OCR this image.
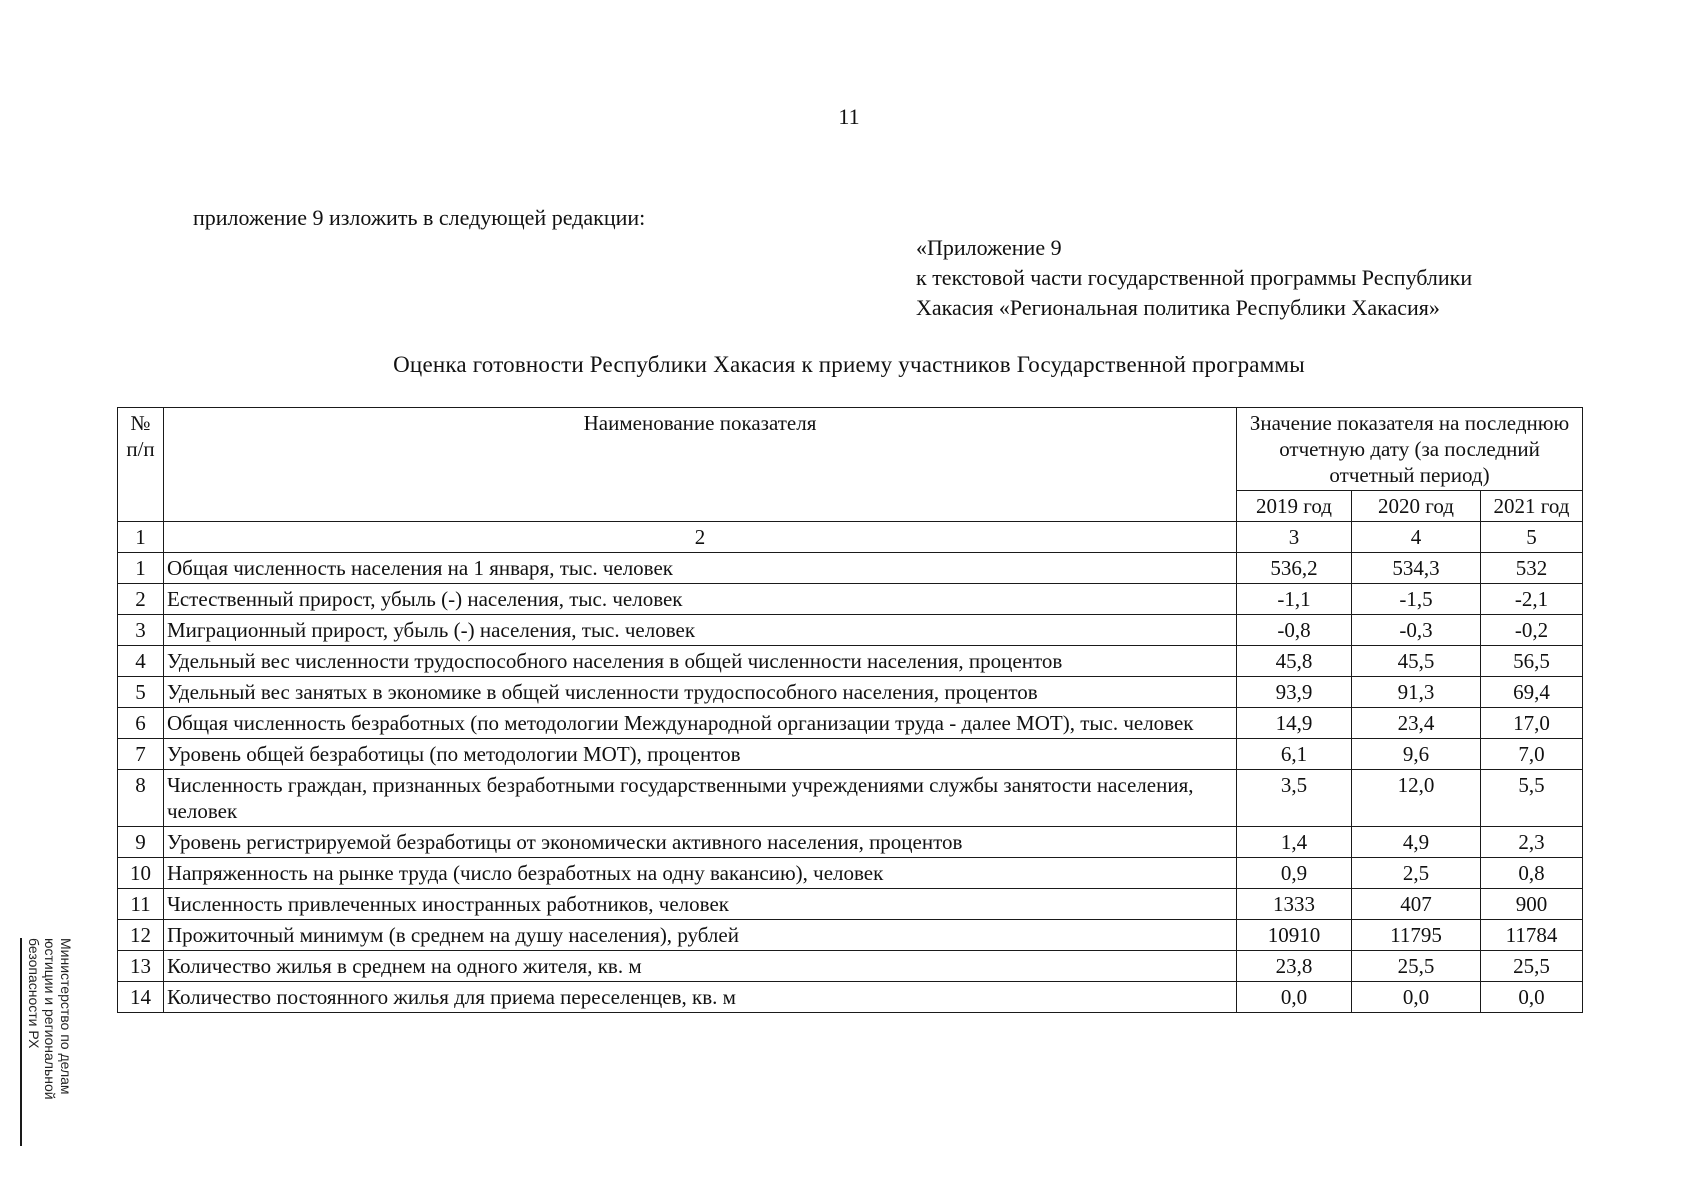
11
приложение 9 изложить в следующей редакции:
«Приложение 9
к текстовой части государственной программы Республики
Хакасия «Региональная политика Республики Хакасия»
Оценка готовности Республики Хакасия к приему участников Государственной программы
№ п/п	Наименование показателя	Значение показателя на последнюю отчетную дату (за последний отчетный период)		
		2019 год	2020 год	2021 год
1	2	3	4	5
1	Общая численность населения на 1 января, тыс. человек	536,2	534,3	532
2	Естественный прирост, убыль (-) населения, тыс. человек	-1,1	-1,5	-2,1
3	Миграционный прирост, убыль (-) населения, тыс. человек	-0,8	-0,3	-0,2
4	Удельный вес численности трудоспособного населения в общей численности населения, процентов	45,8	45,5	56,5
5	Удельный вес занятых в экономике в общей численности трудоспособного населения, процентов	93,9	91,3	69,4
6	Общая численность безработных (по методологии Международной организации труда - далее МОТ), тыс. человек	14,9	23,4	17,0
7	Уровень общей безработицы (по методологии МОТ), процентов	6,1	9,6	7,0
8	Численность граждан, признанных безработными государственными учреждениями службы занятости населения, человек	3,5	12,0	5,5
9	Уровень регистрируемой безработицы от экономически активного населения, процентов	1,4	4,9	2,3
10	Напряженность на рынке труда (число безработных на одну вакансию), человек	0,9	2,5	0,8
11	Численность привлеченных иностранных работников, человек	1333	407	900
12	Прожиточный минимум (в среднем на душу населения), рублей	10910	11795	11784
13	Количество жилья в среднем на одного жителя, кв. м	23,8	25,5	25,5
14	Количество постоянного жилья для приема переселенцев, кв. м	0,0	0,0	0,0
Министерство по делам
юстиции и региональной
безопасности РХ
